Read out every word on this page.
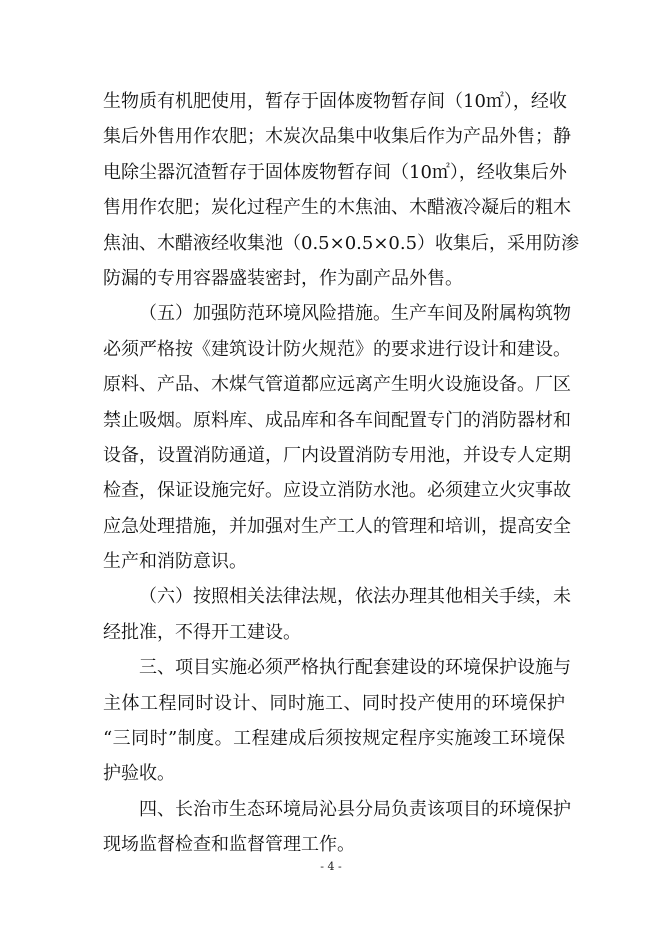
生物质有机肥使用，暂存于固体废物暂存间（10㎡），经收
集后外售用作农肥；木炭次品集中收集后作为产品外售；静
电除尘器沉渣暂存于固体废物暂存间（10㎡），经收集后外
售用作农肥；炭化过程产生的木焦油、木醋液冷凝后的粗木
焦油、木醋液经收集池（0.5×0.5×0.5）收集后，采用防渗
防漏的专用容器盛装密封，作为副产品外售。
（五）加强防范环境风险措施。生产车间及附属构筑物
必须严格按《建筑设计防火规范》的要求进行设计和建设。
原料、产品、木煤气管道都应远离产生明火设施设备。厂区
禁止吸烟。原料库、成品库和各车间配置专门的消防器材和
设备，设置消防通道，厂内设置消防专用池，并设专人定期
检查，保证设施完好。应设立消防水池。必须建立火灾事故
应急处理措施，并加强对生产工人的管理和培训，提高安全
生产和消防意识。
（六）按照相关法律法规，依法办理其他相关手续，未
经批准，不得开工建设。
三、项目实施必须严格执行配套建设的环境保护设施与
主体工程同时设计、同时施工、同时投产使用的环境保护
“三同时”制度。工程建成后须按规定程序实施竣工环境保
护验收。
四、长治市生态环境局沁县分局负责该项目的环境保护
现场监督检查和监督管理工作。
- 4 -
